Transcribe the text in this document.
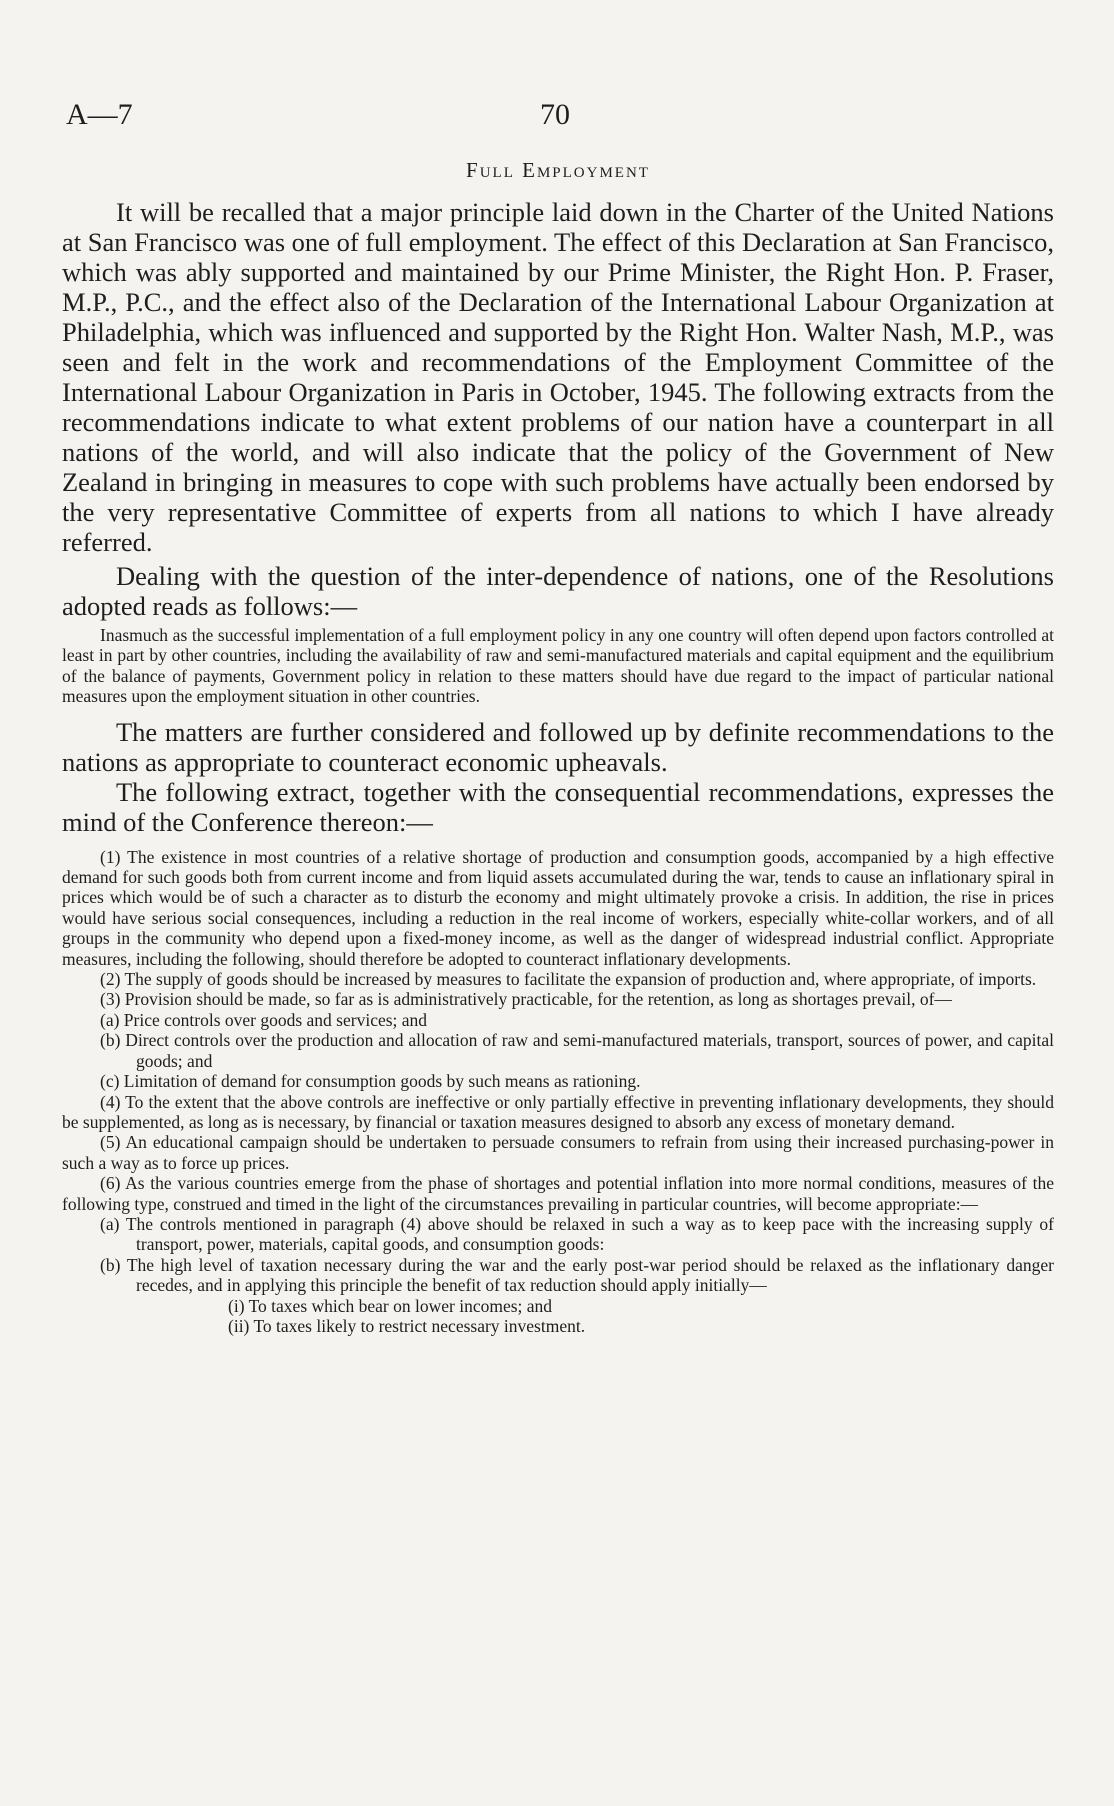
A—7	70
Full Employment

It will be recalled that a major principle laid down in the Charter of the United Nations at San Francisco was one of full employment. The effect of this Declaration at San Francisco, which was ably supported and maintained by our Prime Minister, the Right Hon. P. Fraser, M.P., P.C., and the effect also of the Declaration of the International Labour Organization at Philadelphia, which was influenced and supported by the Right Hon. Walter Nash, M.P., was seen and felt in the work and recommendations of the Employment Committee of the International Labour Organization in Paris in October, 1945. The following extracts from the recommendations indicate to what extent problems of our nation have a counterpart in all nations of the world, and will also indicate that the policy of the Government of New Zealand in bringing in measures to cope with such problems have actually been endorsed by the very representative Committee of experts from all nations to which I have already referred.

Dealing with the question of the inter-dependence of nations, one of the Resolutions adopted reads as follows:—

Inasmuch as the successful implementation of a full employment policy in any one country will often depend upon factors controlled at least in part by other countries, including the availability of raw and semi-manufactured materials and capital equipment and the equilibrium of the balance of payments, Government policy in relation to these matters should have due regard to the impact of particular national measures upon the employment situation in other countries.

The matters are further considered and followed up by definite recommendations to the nations as appropriate to counteract economic upheavals.

The following extract, together with the consequential recommendations, expresses the mind of the Conference thereon:—

(1) The existence in most countries of a relative shortage of production and consumption goods, accompanied by a high effective demand for such goods both from current income and from liquid assets accumulated during the war, tends to cause an inflationary spiral in prices which would be of such a character as to disturb the economy and might ultimately provoke a crisis. In addition, the rise in prices would have serious social consequences, including a reduction in the real income of workers, especially white-collar workers, and of all groups in the community who depend upon a fixed-money income, as well as the danger of widespread industrial conflict. Appropriate measures, including the following, should therefore be adopted to counteract inflationary developments.

(2) The supply of goods should be increased by measures to facilitate the expansion of production and, where appropriate, of imports.

(3) Provision should be made, so far as is administratively practicable, for the retention, as long as shortages prevail, of—

(a) Price controls over goods and services; and

(b) Direct controls over the production and allocation of raw and semi-manufactured materials, transport, sources of power, and capital goods; and

(c) Limitation of demand for consumption goods by such means as rationing.

(4) To the extent that the above controls are ineffective or only partially effective in preventing inflationary developments, they should be supplemented, as long as is necessary, by financial or taxation measures designed to absorb any excess of monetary demand.

(5) An educational campaign should be undertaken to persuade consumers to refrain from using their increased purchasing-power in such a way as to force up prices.

(6) As the various countries emerge from the phase of shortages and potential inflation into more normal conditions, measures of the following type, construed and timed in the light of the circumstances prevailing in particular countries, will become appropriate:—

(a) The controls mentioned in paragraph (4) above should be relaxed in such a way as to keep pace with the increasing supply of transport, power, materials, capital goods, and consumption goods:

(b) The high level of taxation necessary during the war and the early post-war period should be relaxed as the inflationary danger recedes, and in applying this principle the benefit of tax reduction should apply initially—

(i) To taxes which bear on lower incomes; and

(ii) To taxes likely to restrict necessary investment.
